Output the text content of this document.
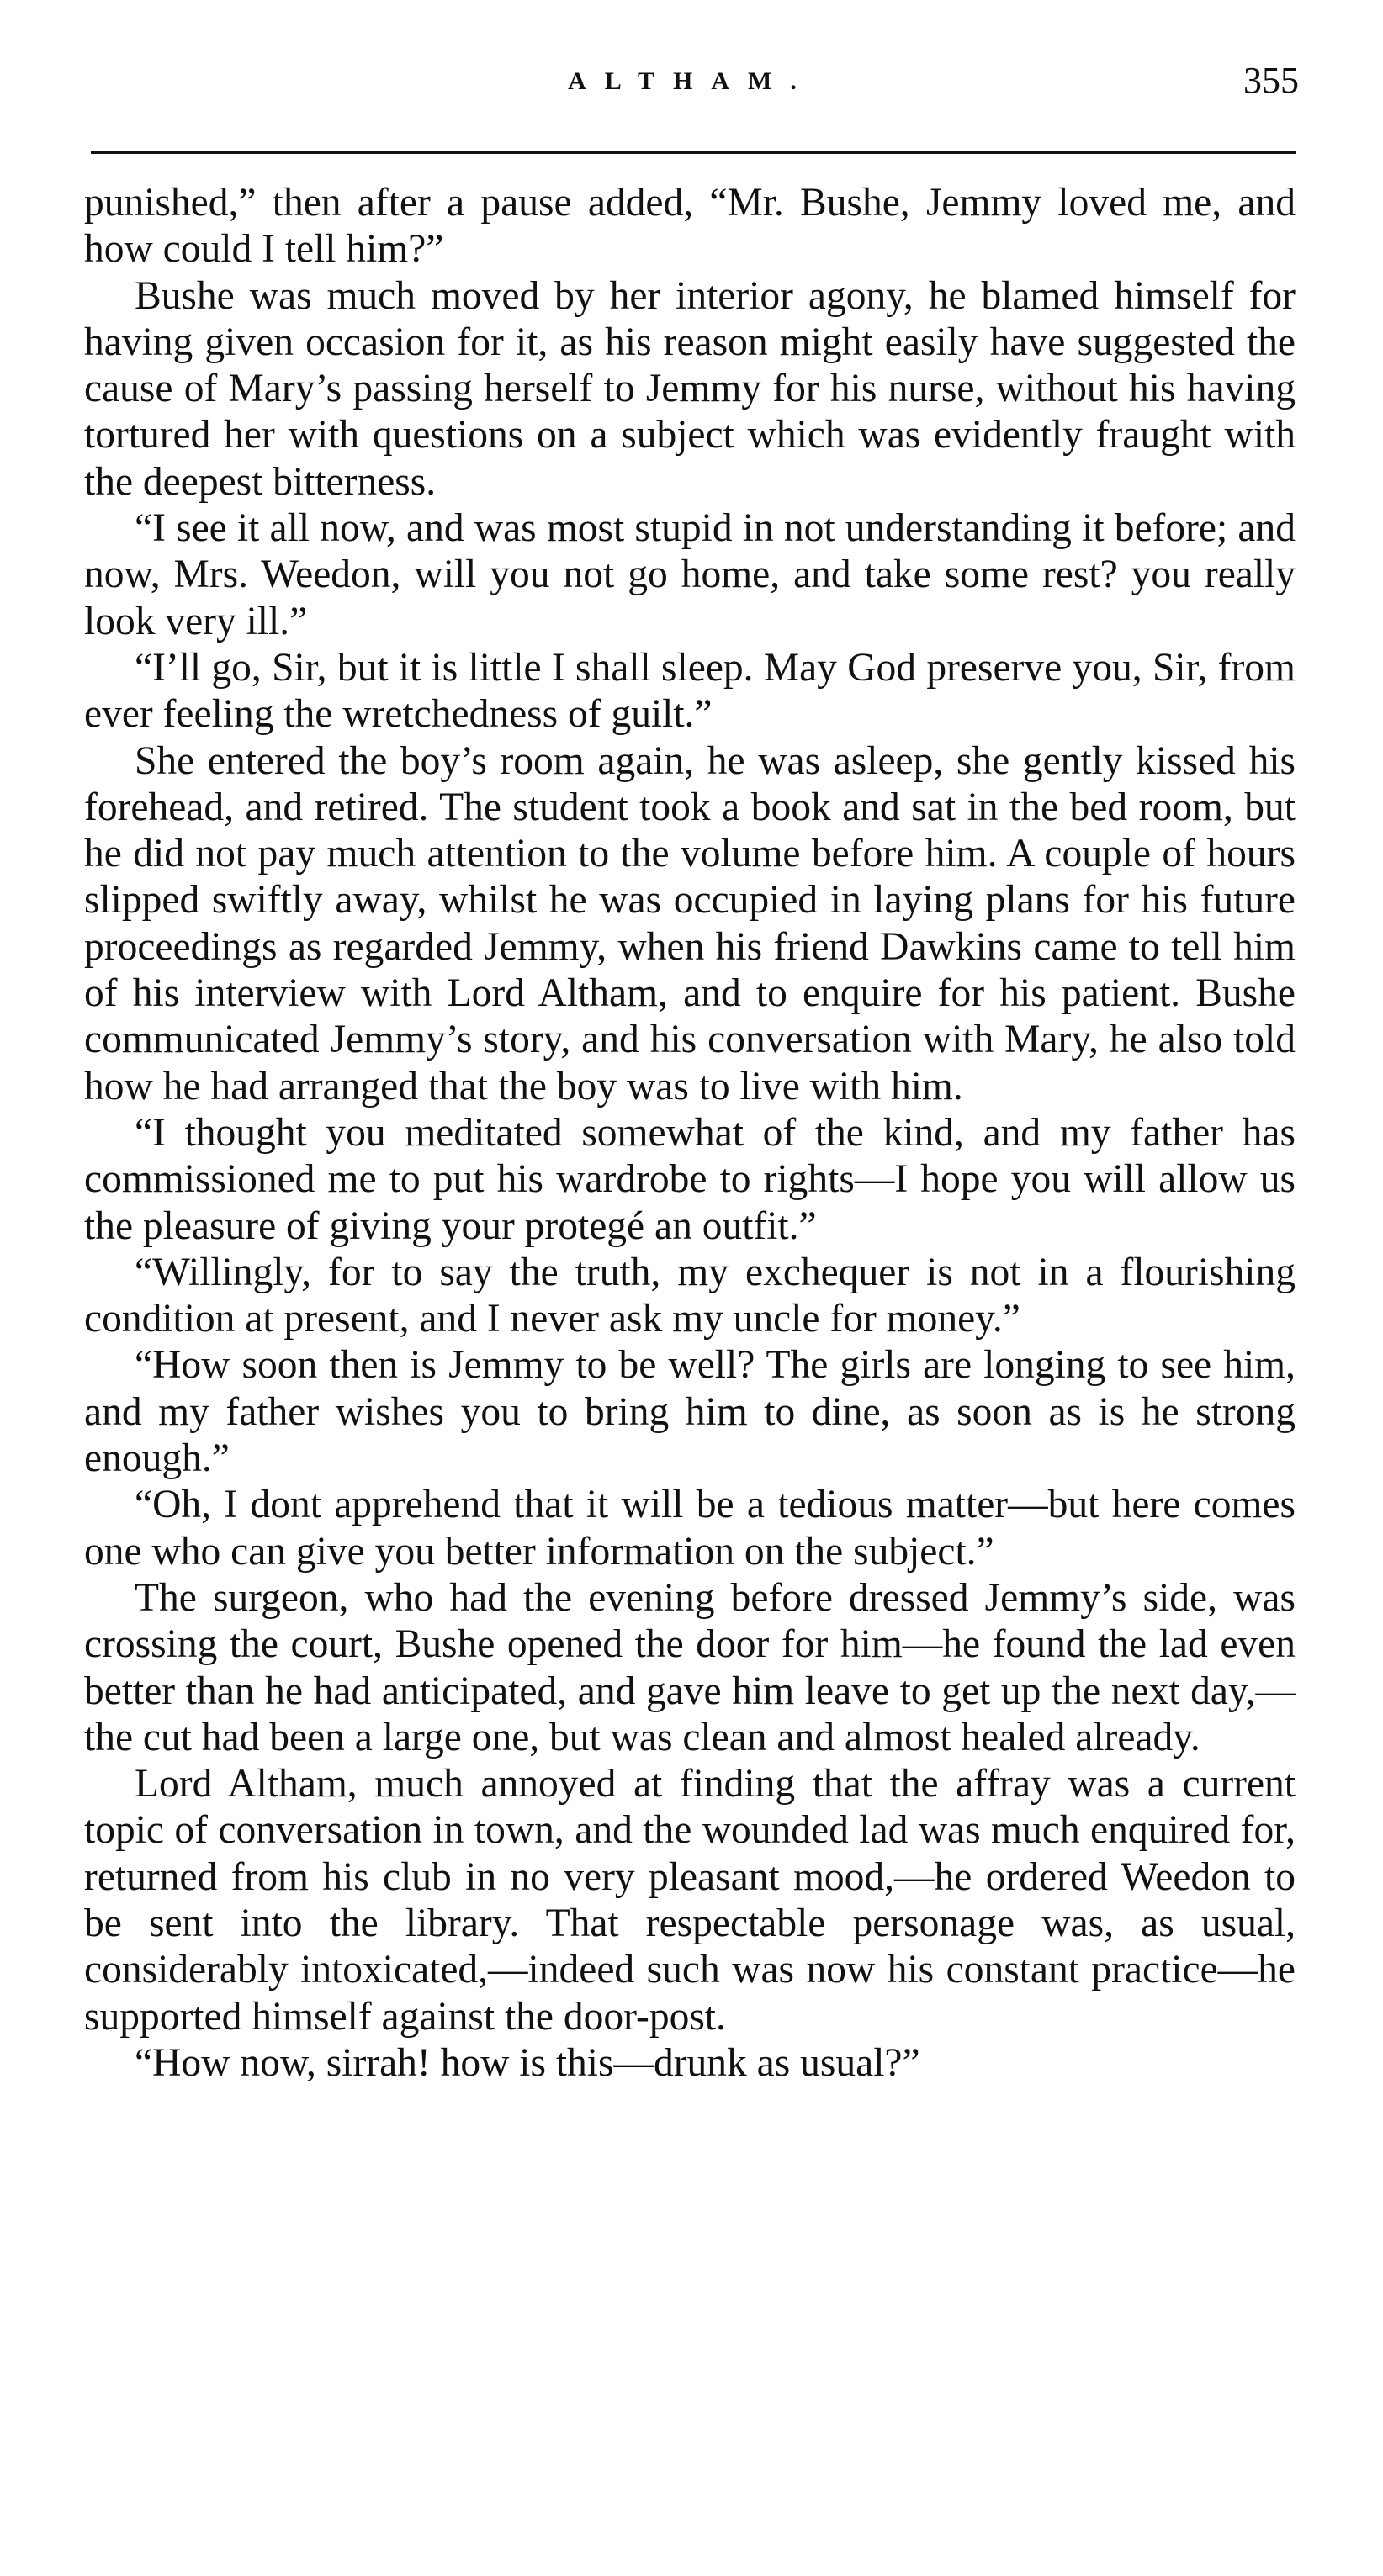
ALTHAM.	355

punished,” then after a pause added, “Mr. Bushe, Jemmy loved me, and how could I tell him?”

Bushe was much moved by her interior agony, he blamed himself for having given occasion for it, as his reason might easily have suggested the cause of Mary’s passing herself to Jemmy for his nurse, without his having tortured her with questions on a subject which was evidently fraught with the deepest bitterness.

“I see it all now, and was most stupid in not understanding it before; and now, Mrs. Weedon, will you not go home, and take some rest? you really look very ill.”

“I’ll go, Sir, but it is little I shall sleep. May God preserve you, Sir, from ever feeling the wretchedness of guilt.”

She entered the boy’s room again, he was asleep, she gently kissed his forehead, and retired. The student took a book and sat in the bed room, but he did not pay much attention to the volume before him. A couple of hours slipped swiftly away, whilst he was occupied in laying plans for his future proceedings as regarded Jemmy, when his friend Dawkins came to tell him of his interview with Lord Altham, and to enquire for his patient. Bushe communicated Jemmy’s story, and his conversation with Mary, he also told how he had arranged that the boy was to live with him.

“I thought you meditated somewhat of the kind, and my father has commissioned me to put his wardrobe to rights—I hope you will allow us the pleasure of giving your protegé an outfit.”

“Willingly, for to say the truth, my exchequer is not in a flourishing condition at present, and I never ask my uncle for money.”

“How soon then is Jemmy to be well? The girls are longing to see him, and my father wishes you to bring him to dine, as soon as is he strong enough.”

“Oh, I dont apprehend that it will be a tedious matter—but here comes one who can give you better information on the subject.”

The surgeon, who had the evening before dressed Jemmy’s side, was crossing the court, Bushe opened the door for him—he found the lad even better than he had anticipated, and gave him leave to get up the next day,—the cut had been a large one, but was clean and almost healed already.

Lord Altham, much annoyed at finding that the affray was a current topic of conversation in town, and the wounded lad was much enquired for, returned from his club in no very pleasant mood,—he ordered Weedon to be sent into the library. That respectable personage was, as usual, considerably intoxicated,—indeed such was now his constant practice—he supported himself against the door-post.

“How now, sirrah! how is this—drunk as usual?”
